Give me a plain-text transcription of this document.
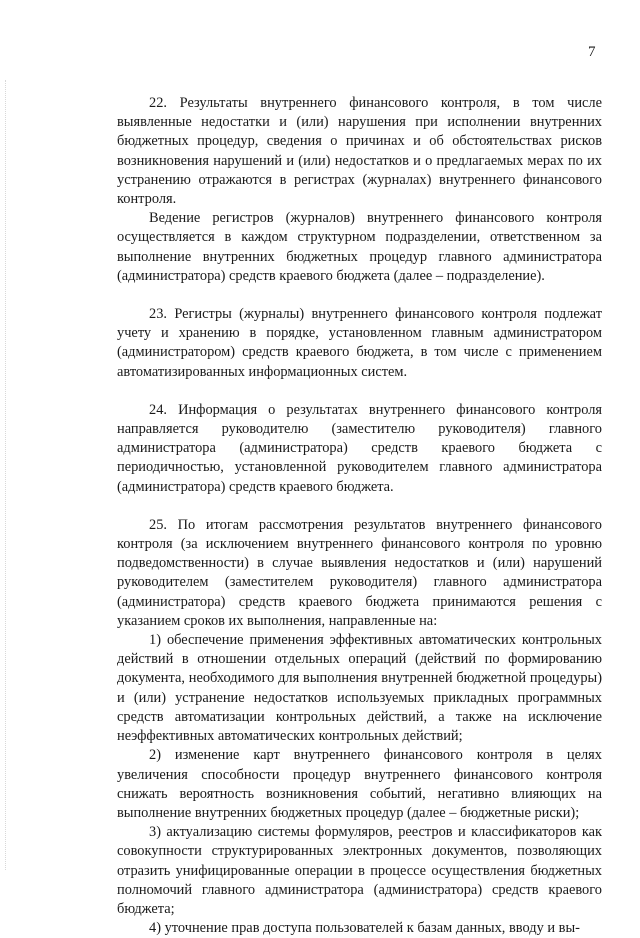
7

22. Результаты внутреннего финансового контроля, в том числе выявленные недостатки и (или) нарушения при исполнении внутренних бюджетных процедур, сведения о причинах и об обстоятельствах рисков возникновения нарушений и (или) недостатков и о предлагаемых мерах по их устранению отражаются в регистрах (журналах) внутреннего финансового контроля.

Ведение регистров (журналов) внутреннего финансового контроля осуществляется в каждом структурном подразделении, ответственном за выполнение внутренних бюджетных процедур главного администратора (администратора) средств краевого бюджета (далее – подразделение).

23. Регистры (журналы) внутреннего финансового контроля подлежат учету и хранению в порядке, установленном главным администратором (администратором) средств краевого бюджета, в том числе с применением автоматизированных информационных систем.

24. Информация о результатах внутреннего финансового контроля направляется руководителю (заместителю руководителя) главного администратора (администратора) средств краевого бюджета с периодичностью, установленной руководителем главного администратора (администратора) средств краевого бюджета.

25. По итогам рассмотрения результатов внутреннего финансового контроля (за исключением внутреннего финансового контроля по уровню подведомственности) в случае выявления недостатков и (или) нарушений руководителем (заместителем руководителя) главного администратора (администратора) средств краевого бюджета принимаются решения с указанием сроков их выполнения, направленные на:

1) обеспечение применения эффективных автоматических контрольных действий в отношении отдельных операций (действий по формированию документа, необходимого для выполнения внутренней бюджетной процедуры) и (или) устранение недостатков используемых прикладных программных средств автоматизации контрольных действий, а также на исключение неэффективных автоматических контрольных действий;

2) изменение карт внутреннего финансового контроля в целях увеличения способности процедур внутреннего финансового контроля снижать вероятность возникновения событий, негативно влияющих на выполнение внутренних бюджетных процедур (далее – бюджетные риски);

3) актуализацию системы формуляров, реестров и классификаторов как совокупности структурированных электронных документов, позволяющих отразить унифицированные операции в процессе осуществления бюджетных полномочий главного администратора (администратора) средств краевого бюджета;

4) уточнение прав доступа пользователей к базам данных, вводу и вы-
